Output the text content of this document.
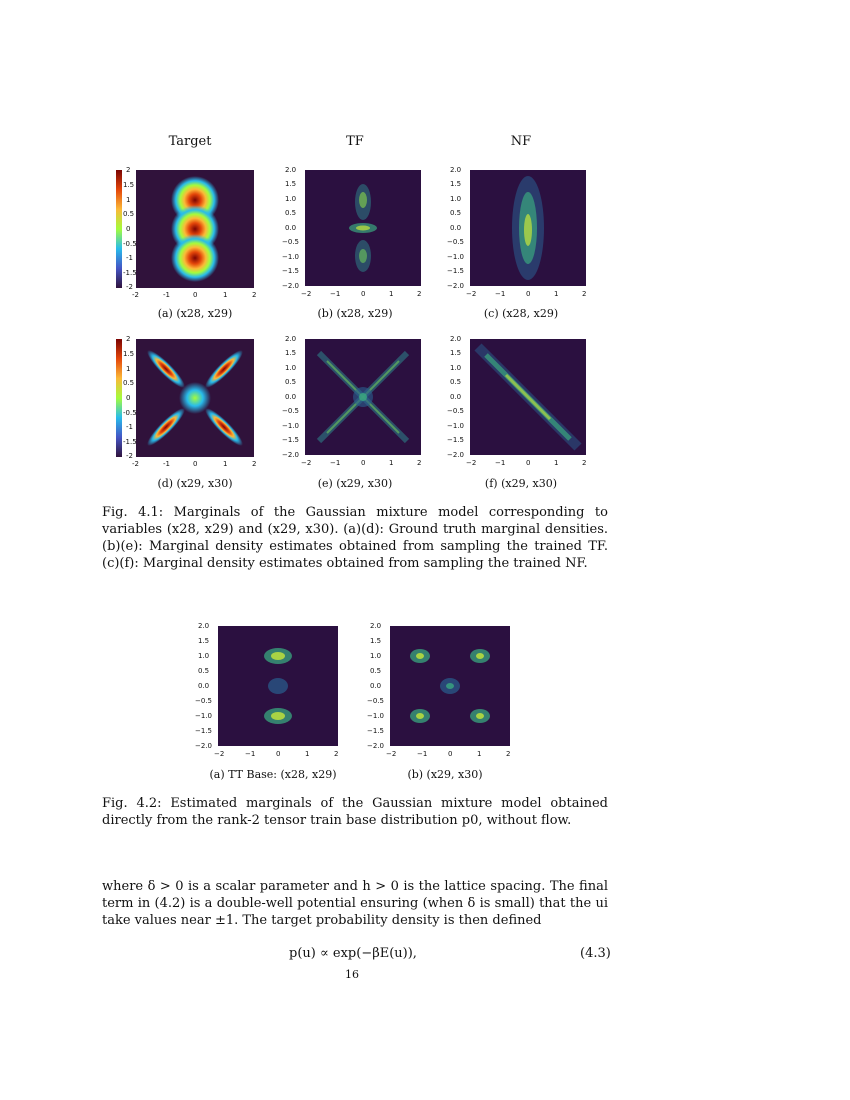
Target	TF	NF
2
1.5
1
0.5
0
-0.5
-1
-1.5
-2
-2	-1	0	1	2
2.0
1.5
1.0
0.5
0.0
−0.5
−1.0
−1.5
−2.0
−2	−1	0	1	2
2.0
1.5
1.0
0.5
0.0
−0.5
−1.0
−1.5
−2.0
−2	−1	0	1	2
(a) (x28, x29)	(b) (x28, x29)	(c) (x28, x29)
2
1.5
1
0.5
0
-0.5
-1
-1.5
-2
-2	-1	0	1	2
2.0
1.5
1.0
0.5
0.0
−0.5
−1.0
−1.5
−2.0
−2	−1	0	1	2
2.0
1.5
1.0
0.5
0.0
−0.5
−1.0
−1.5
−2.0
−2	−1	0	1	2
(d) (x29, x30)	(e) (x29, x30)	(f) (x29, x30)
Fig. 4.1: Marginals of the Gaussian mixture model corresponding to variables (x28, x29) and (x29, x30). (a)(d): Ground truth marginal densities. (b)(e): Marginal density estimates obtained from sampling the trained TF. (c)(f): Marginal density estimates obtained from sampling the trained NF.
2.0
1.5
1.0
0.5
0.0
−0.5
−1.0
−1.5
−2.0
−2	−1	0	1	2
2.0
1.5
1.0
0.5
0.0
−0.5
−1.0
−1.5
−2.0
−2	−1	0	1	2
(a) TT Base: (x28, x29)	(b) (x29, x30)
Fig. 4.2: Estimated marginals of the Gaussian mixture model obtained directly from the rank-2 tensor train base distribution p0, without flow.
where δ > 0 is a scalar parameter and h > 0 is the lattice spacing. The final term in (4.2) is a double-well potential ensuring (when δ is small) that the ui take values near ±1. The target probability density is then defined
p(u) ∝ exp(−βE(u)),	(4.3)
16
